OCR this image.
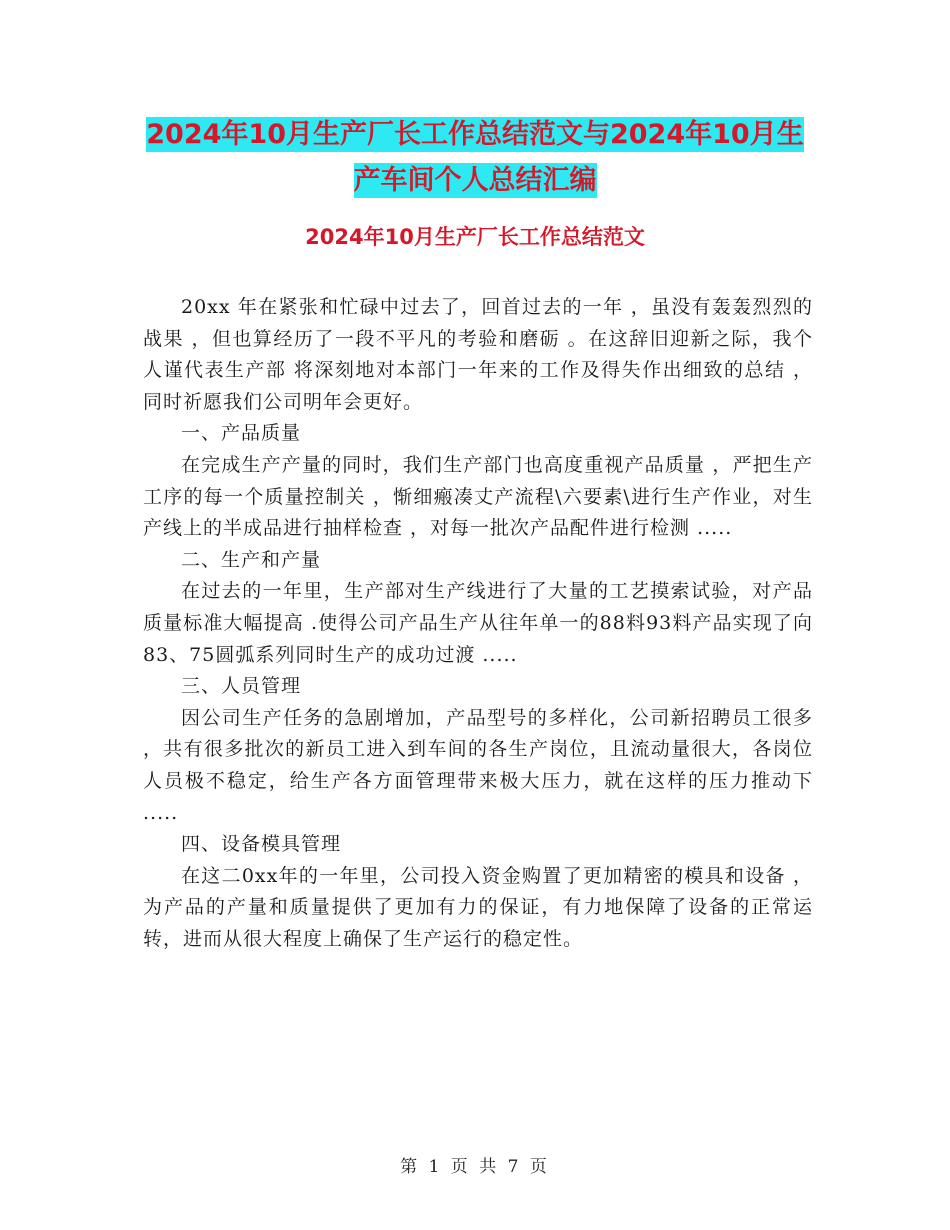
2024年10月生产厂长工作总结范文与2024年10月生
产车间个人总结汇编
2024年10月生产厂长工作总结范文

20xx 年在紧张和忙碌中过去了，回首过去的一年 ，虽没有轰轰烈烈的战果 ，但也算经历了一段不平凡的考验和磨砺 。在这辞旧迎新之际，我个人谨代表生产部 将深刻地对本部门一年来的工作及得失作出细致的总结 ，同时祈愿我们公司明年会更好。

一、产品质量

在完成生产产量的同时，我们生产部门也高度重视产品质量 ，严把生产工序的每一个质量控制关 ，惭细瘢凑丈产流程\六要素\进行生产作业，对生产线上的半成品进行抽样检查 ，对每一批次产品配件进行检测 .....

二、生产和产量

在过去的一年里，生产部对生产线进行了大量的工艺摸索试验，对产品质量标准大幅提高 .使得公司产品生产从往年单一的88料93料产品实现了向83、75圆弧系列同时生产的成功过渡 .....

三、人员管理

因公司生产任务的急剧增加，产品型号的多样化，公司新招聘员工很多 ，共有很多批次的新员工进入到车间的各生产岗位，且流动量很大，各岗位人员极不稳定，给生产各方面管理带来极大压力，就在这样的压力推动下 .....

四、设备模具管理

在这二0xx年的一年里，公司投入资金购置了更加精密的模具和设备 ，为产品的产量和质量提供了更加有力的保证，有力地保障了设备的正常运转，进而从很大程度上确保了生产运行的稳定性。

第 1 页 共 7 页
